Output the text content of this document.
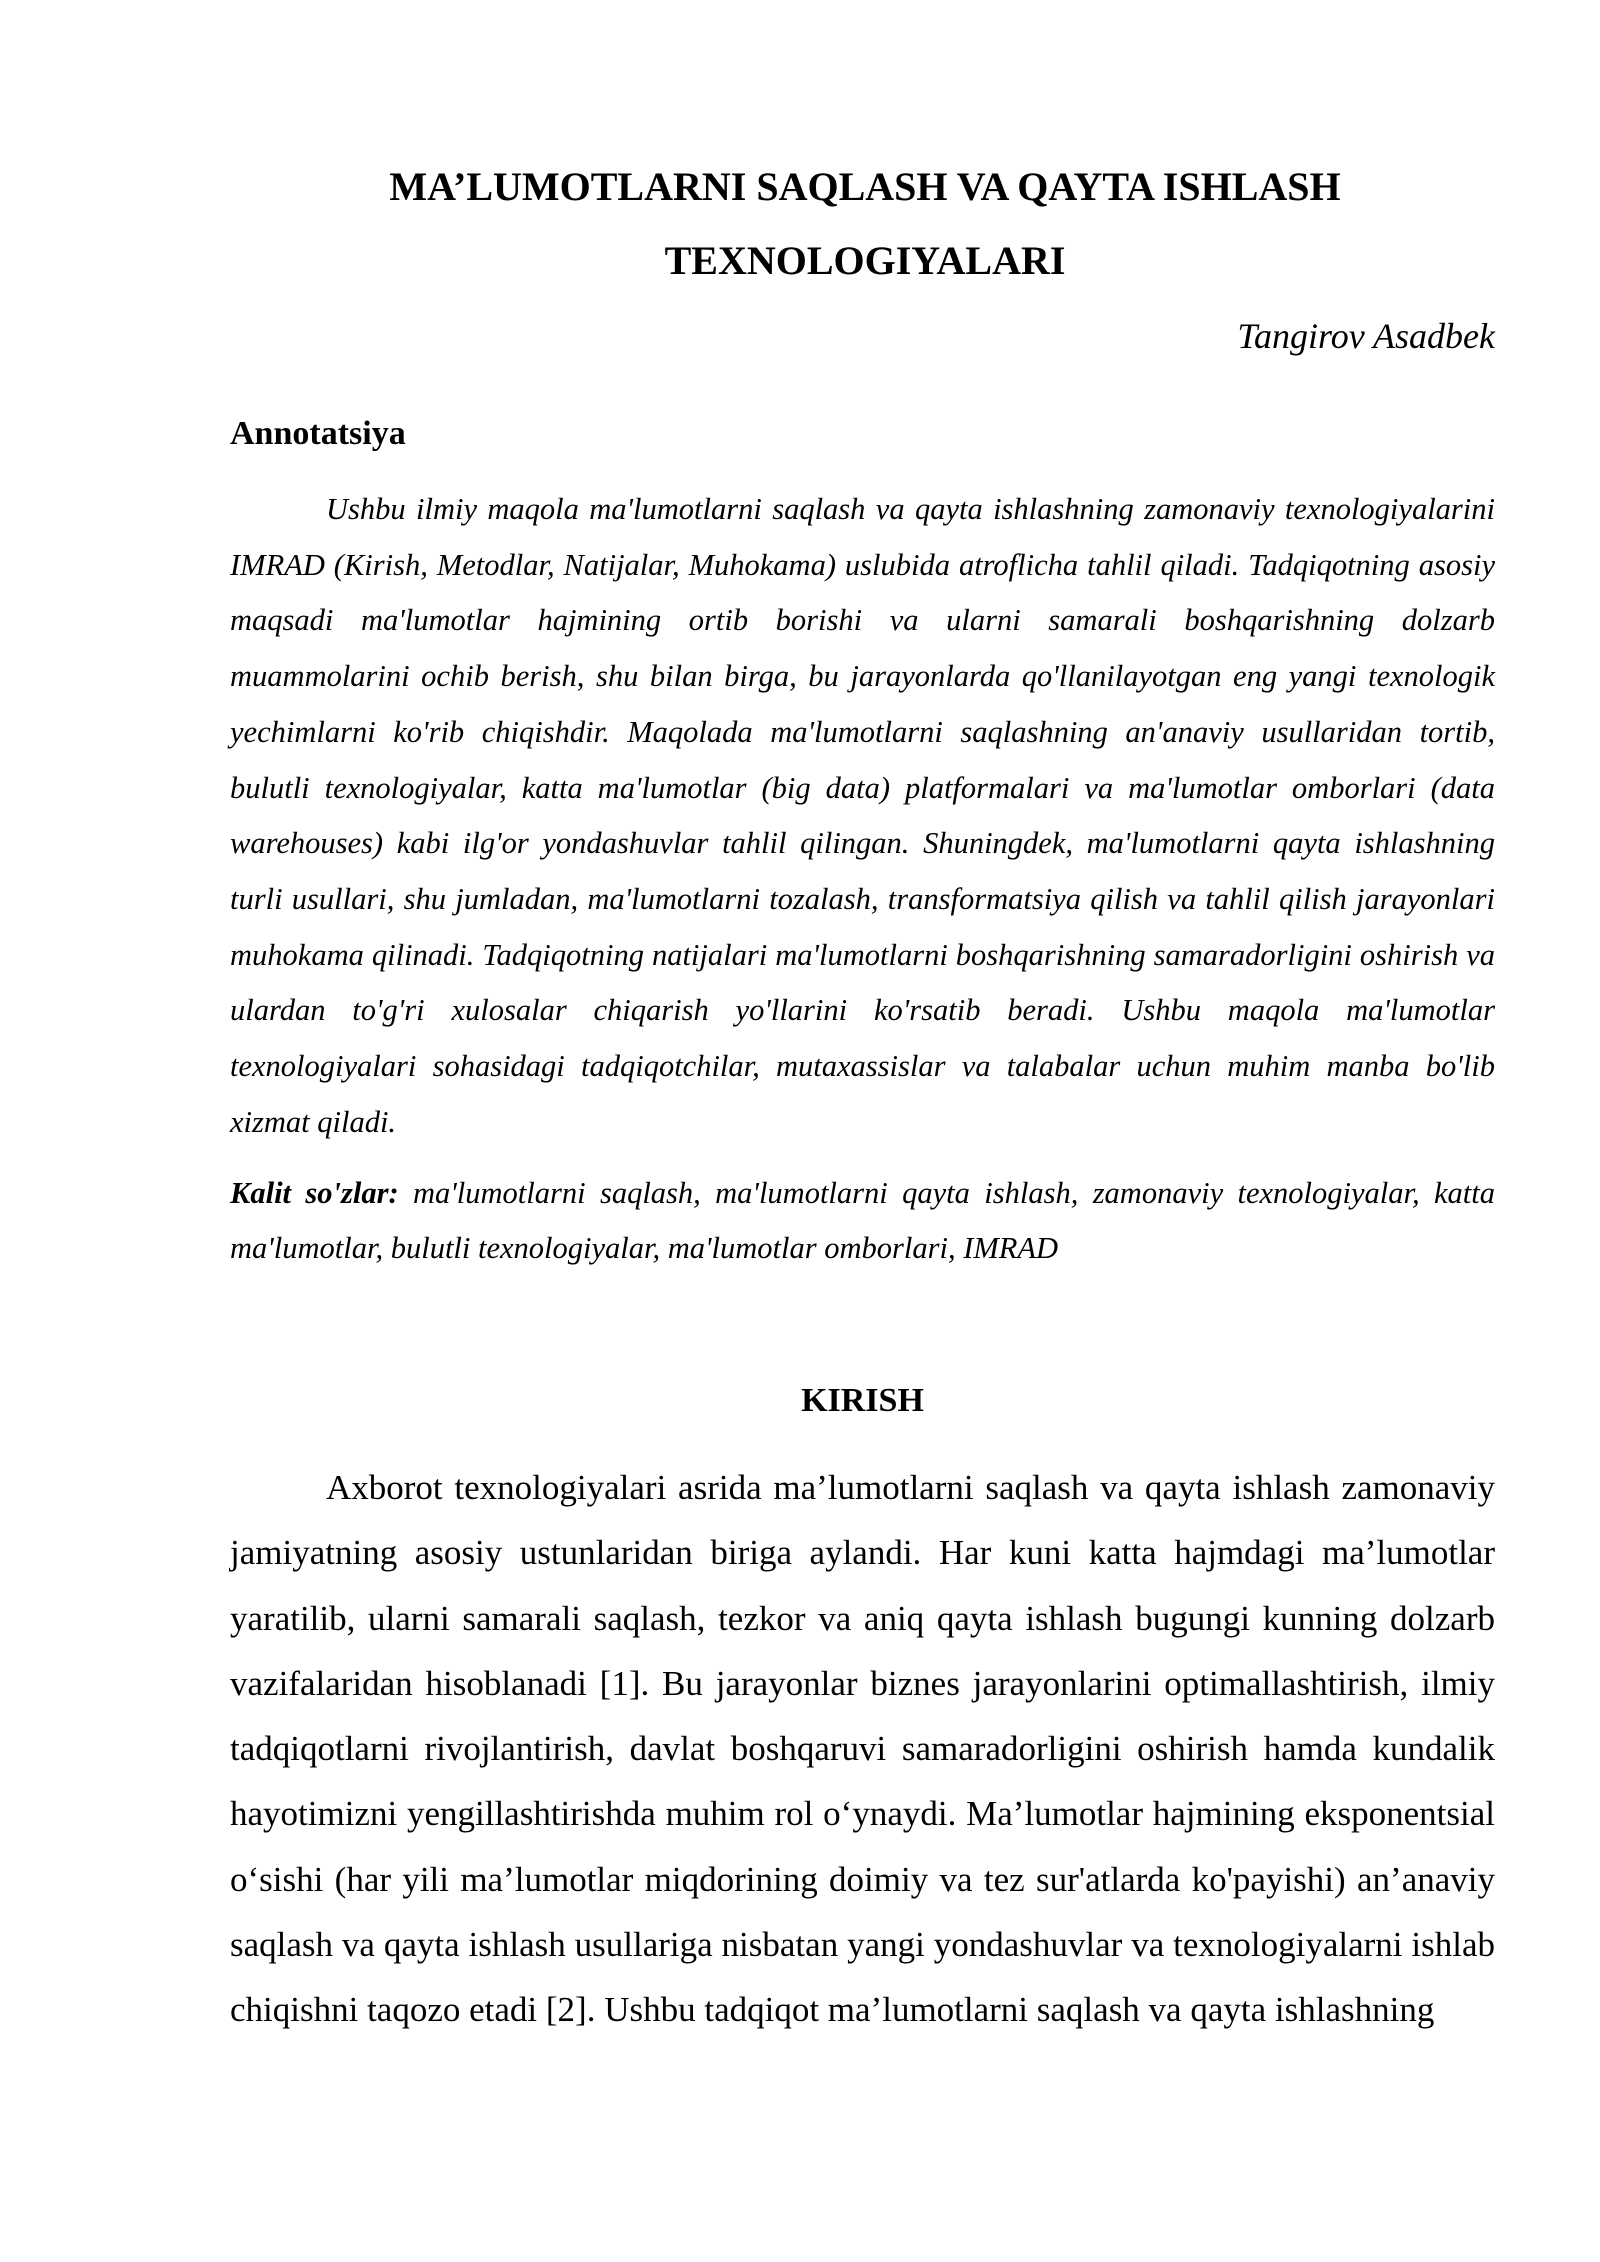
MA’LUMOTLARNI SAQLASH VA QAYTA ISHLASH TEXNOLOGIYALARI

Tangirov Asadbek

Annotatsiya

Ushbu ilmiy maqola ma'lumotlarni saqlash va qayta ishlashning zamonaviy texnologiyalarini IMRAD (Kirish, Metodlar, Natijalar, Muhokama) uslubida atroflicha tahlil qiladi. Tadqiqotning asosiy maqsadi ma'lumotlar hajmining ortib borishi va ularni samarali boshqarishning dolzarb muammolarini ochib berish, shu bilan birga, bu jarayonlarda qo'llanilayotgan eng yangi texnologik yechimlarni ko'rib chiqishdir. Maqolada ma'lumotlarni saqlashning an'anaviy usullaridan tortib, bulutli texnologiyalar, katta ma'lumotlar (big data) platformalari va ma'lumotlar omborlari (data warehouses) kabi ilg'or yondashuvlar tahlil qilingan. Shuningdek, ma'lumotlarni qayta ishlashning turli usullari, shu jumladan, ma'lumotlarni tozalash, transformatsiya qilish va tahlil qilish jarayonlari muhokama qilinadi. Tadqiqotning natijalari ma'lumotlarni boshqarishning samaradorligini oshirish va ulardan to'g'ri xulosalar chiqarish yo'llarini ko'rsatib beradi. Ushbu maqola ma'lumotlar texnologiyalari sohasidagi tadqiqotchilar, mutaxassislar va talabalar uchun muhim manba bo'lib xizmat qiladi.

Kalit so'zlar: ma'lumotlarni saqlash, ma'lumotlarni qayta ishlash, zamonaviy texnologiyalar, katta ma'lumotlar, bulutli texnologiyalar, ma'lumotlar omborlari, IMRAD

KIRISH

Axborot texnologiyalari asrida ma’lumotlarni saqlash va qayta ishlash zamonaviy jamiyatning asosiy ustunlaridan biriga aylandi. Har kuni katta hajmdagi ma’lumotlar yaratilib, ularni samarali saqlash, tezkor va aniq qayta ishlash bugungi kunning dolzarb vazifalaridan hisoblanadi [1]. Bu jarayonlar biznes jarayonlarini optimallashtirish, ilmiy tadqiqotlarni rivojlantirish, davlat boshqaruvi samaradorligini oshirish hamda kundalik hayotimizni yengillashtirishda muhim rol o‘ynaydi. Ma’lumotlar hajmining eksponentsial o‘sishi (har yili ma’lumotlar miqdorining doimiy va tez sur'atlarda ko'payishi) an’anaviy saqlash va qayta ishlash usullariga nisbatan yangi yondashuvlar va texnologiyalarni ishlab chiqishni taqozo etadi [2]. Ushbu tadqiqot ma’lumotlarni saqlash va qayta ishlashning
